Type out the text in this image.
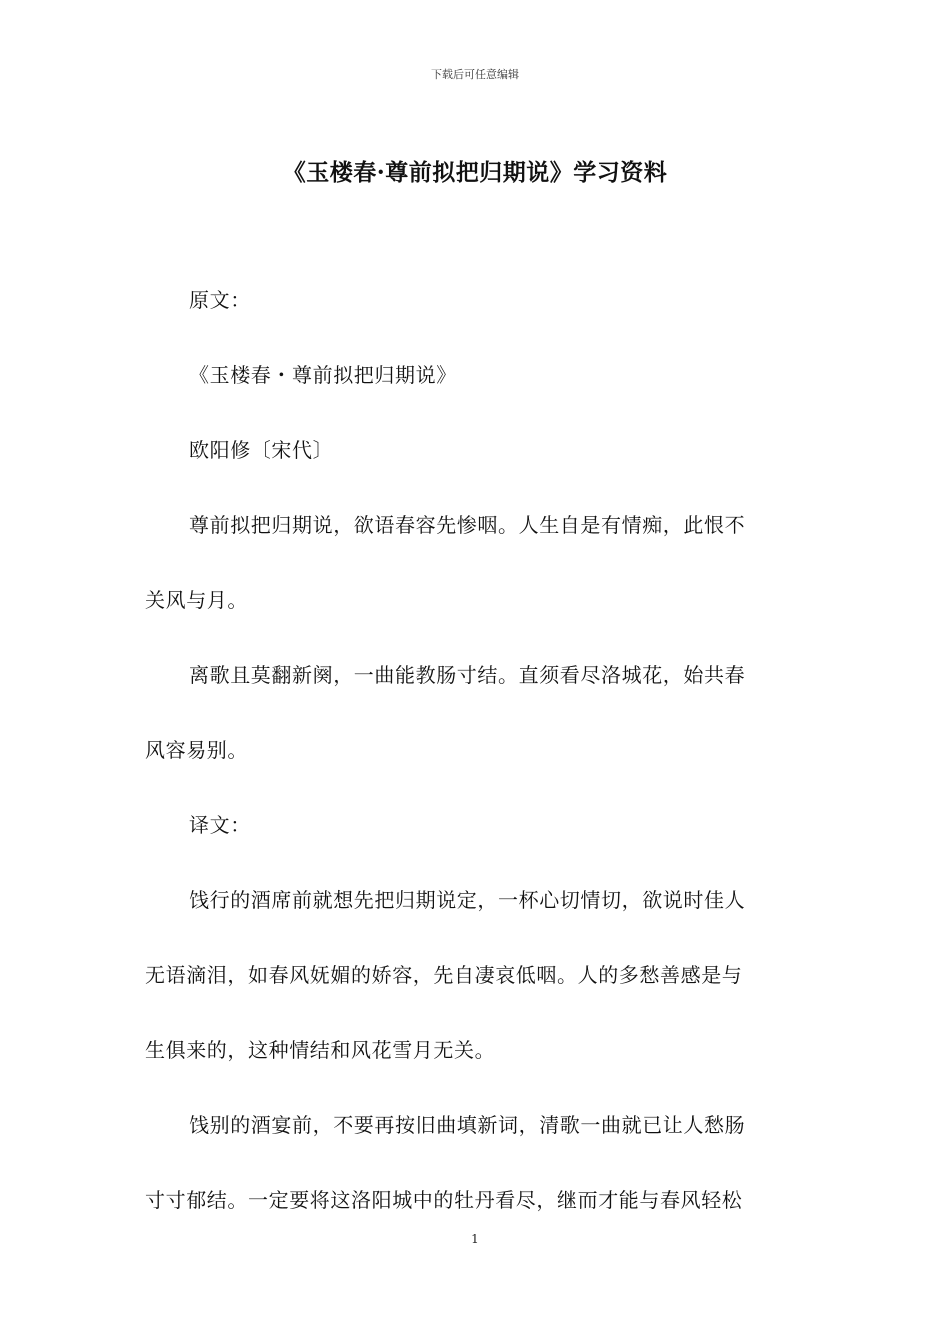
下载后可任意编辑
《玉楼春·尊前拟把归期说》学习资料
原文：
《玉楼春・尊前拟把归期说》
欧阳修〔宋代〕
尊前拟把归期说，欲语春容先惨咽。人生自是有情痴，此恨不
关风与月。
离歌且莫翻新阕，一曲能教肠寸结。直须看尽洛城花，始共春
风容易别。
译文：
饯行的酒席前就想先把归期说定，一杯心切情切，欲说时佳人
无语滴泪，如春风妩媚的娇容，先自凄哀低咽。人的多愁善感是与
生俱来的，这种情结和风花雪月无关。
饯别的酒宴前，不要再按旧曲填新词，清歌一曲就已让人愁肠
寸寸郁结。一定要将这洛阳城中的牡丹看尽，继而才能与春风轻松
1
